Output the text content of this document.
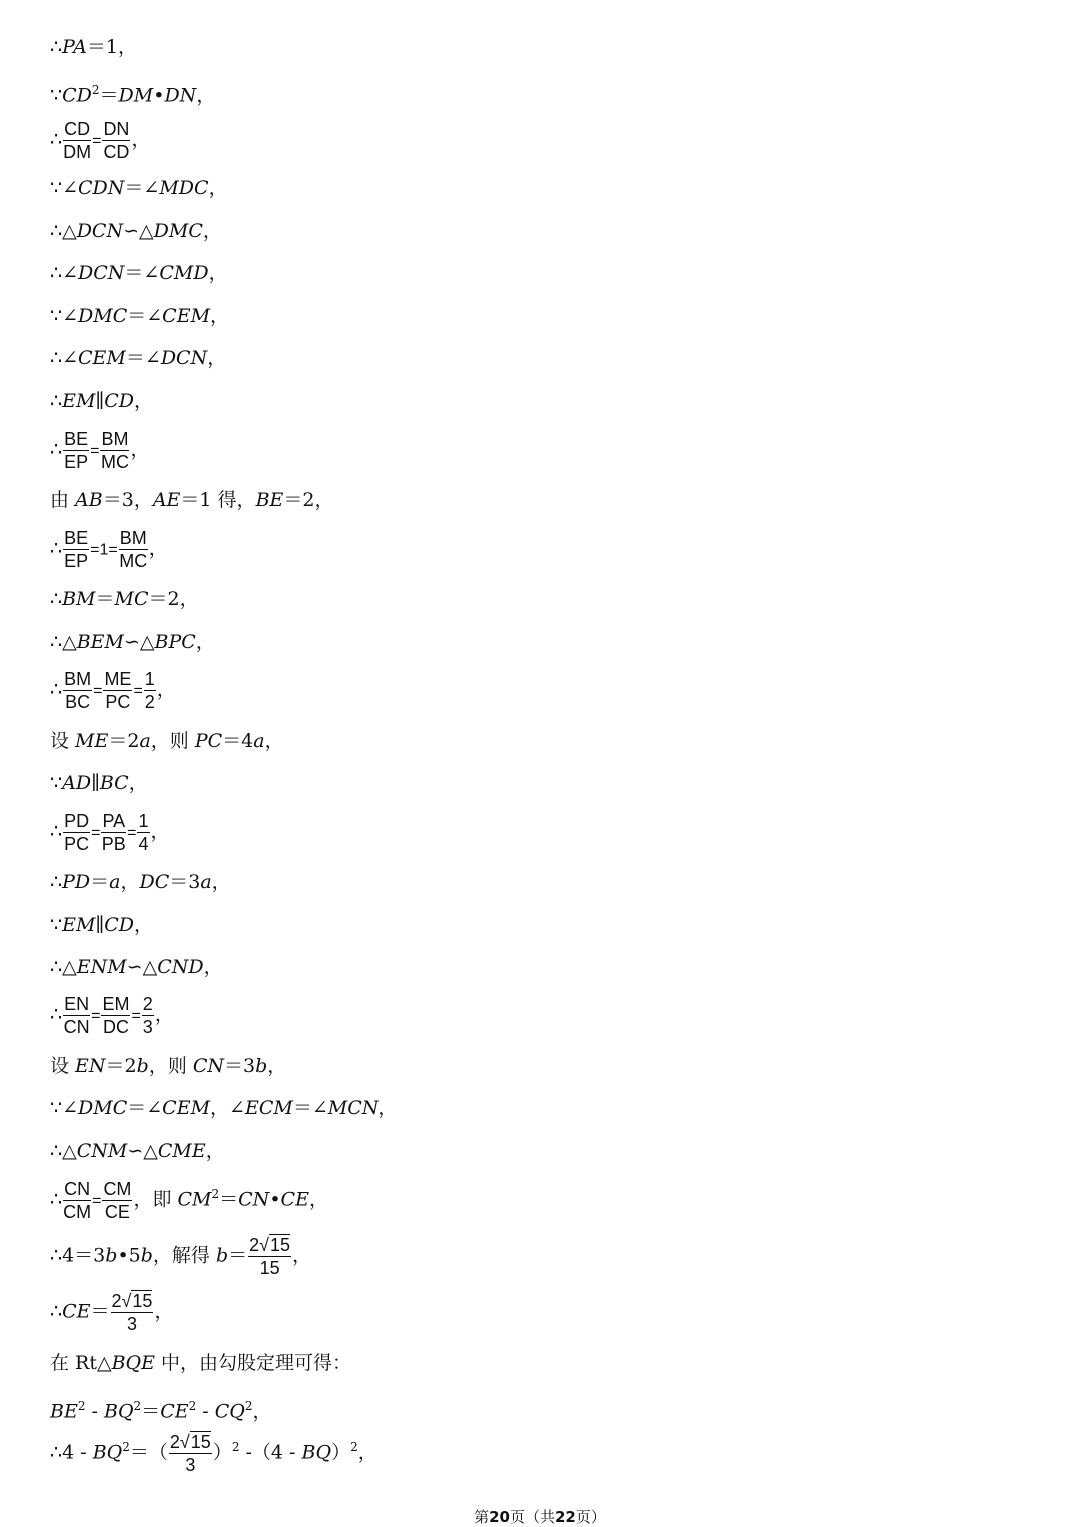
∴PA＝1，
$\because CD^2=DM•DN$，
∴ $\frac{CD}{DM} = \frac{DN}{CD}$ ，
∵∠CDN＝∠MDC，
∴△DCN∽△DMC，
∴∠DCN＝∠CMD，
∵∠DMC＝∠CEM，
∴∠CEM＝∠DCN，
∴EM∥CD，
∴ $\frac{BE}{EP} = \frac{BM}{MC}$ ，
由 AB＝3，AE＝1 得，BE＝2，
∴ $\frac{BE}{EP} =1= \frac{BM}{MC}$ ，
∴BM＝MC＝2，
∴△BEM∽△BPC，
∴ $\frac{BM}{BC} = \frac{ME}{PC} = \frac{1}{2}$ ，
设 ME＝2a，则 PC＝4a，
∵AD∥BC，
∴ $\frac{PD}{PC} = \frac{PA}{PB} = \frac{1}{4}$ ，
∴PD＝a，DC＝3a，
∵EM∥CD，
∴△ENM∽△CND，
∴ $\frac{EN}{CN} = \frac{EM}{DC} = \frac{2}{3}$ ，
设 EN＝2b，则 CN＝3b，
∵∠DMC＝∠CEM，∠ECM＝∠MCN，
∴△CNM∽△CME，
∴ $\frac{CN}{CM} = \frac{CM}{CE}$ ，即 $CM^2=CN•CE$，
∴4＝3b•5b，解得 $b= \frac{2√15}{15}$ ，
∴CE＝ $\frac{2√15}{3}$ ，
在 Rt△BQE 中，由勾股定理可得：
$BE^2 - BQ^2=CE^2 - CQ^2$，
∴4 - $BQ^2=( \frac{2√15}{3} )^2$ -（4 - BQ）$^2$，
第20页（共22页）
